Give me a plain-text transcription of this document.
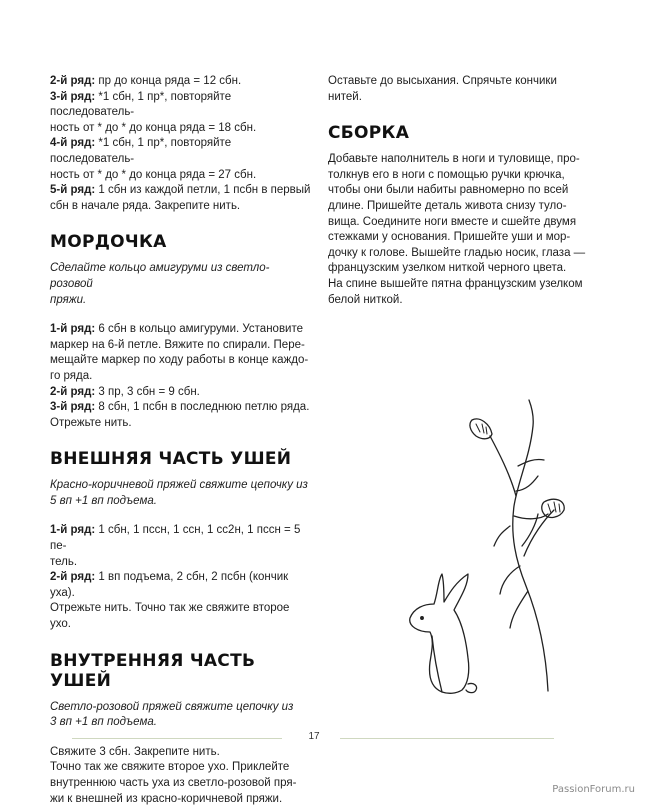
2-й ряд: пр до конца ряда = 12 сбн.

3-й ряд: *1 сбн, 1 пр*, повторяйте последователь-

ность от * до * до конца ряда = 18 сбн.

4-й ряд: *1 сбн, 1 пр*, повторяйте последователь-

ность от * до * до конца ряда = 27 сбн.

5-й ряд: 1 сбн из каждой петли, 1 псбн в первый

сбн в начале ряда. Закрепите нить.

МОРДОЧКА

Сделайте кольцо амигуруми из светло-розовой

пряжи.

1-й ряд: 6 сбн в кольцо амигуруми. Установите

маркер на 6-й петле. Вяжите по спирали. Пере-

мещайте маркер по ходу работы в конце каждо-

го ряда.

2-й ряд: 3 пр, 3 сбн = 9 сбн.

3-й ряд: 8 сбн, 1 псбн в последнюю петлю ряда.

Отрежьте нить.

ВНЕШНЯЯ ЧАСТЬ УШЕЙ

Красно-коричневой пряжей свяжите цепочку из

5 вп +1 вп подъема.

1-й ряд: 1 сбн, 1 пссн, 1 ссн, 1 сс2н, 1 пссн = 5 пе-

тель.

2-й ряд: 1 вп подъема, 2 сбн, 2 псбн (кончик уха).

Отрежьте нить. Точно так же свяжите второе

ухо.

ВНУТРЕННЯЯ ЧАСТЬ УШЕЙ

Светло-розовой пряжей свяжите цепочку из

3 вп +1 вп подъема.

Свяжите 3 сбн. Закрепите нить.

Точно так же свяжите второе ухо. Приклейте

внутреннюю часть уха из светло-розовой пря-

жи к внешней из красно-коричневой пряжи.

Оставьте до высыхания. Спрячьте кончики

нитей.

СБОРКА

Добавьте наполнитель в ноги и туловище, про-

толкнув его в ноги с помощью ручки крючка,

чтобы они были набиты равномерно по всей

длине. Пришейте деталь живота снизу туло-

вища. Соедините ноги вместе и сшейте двумя

стежками у основания. Пришейте уши и мор-

дочку к голове. Вышейте гладью носик, глаза —

французским узелком ниткой черного цвета.

На спине вышейте пятна французским узелком

белой ниткой.

17
PassionForum.ru
